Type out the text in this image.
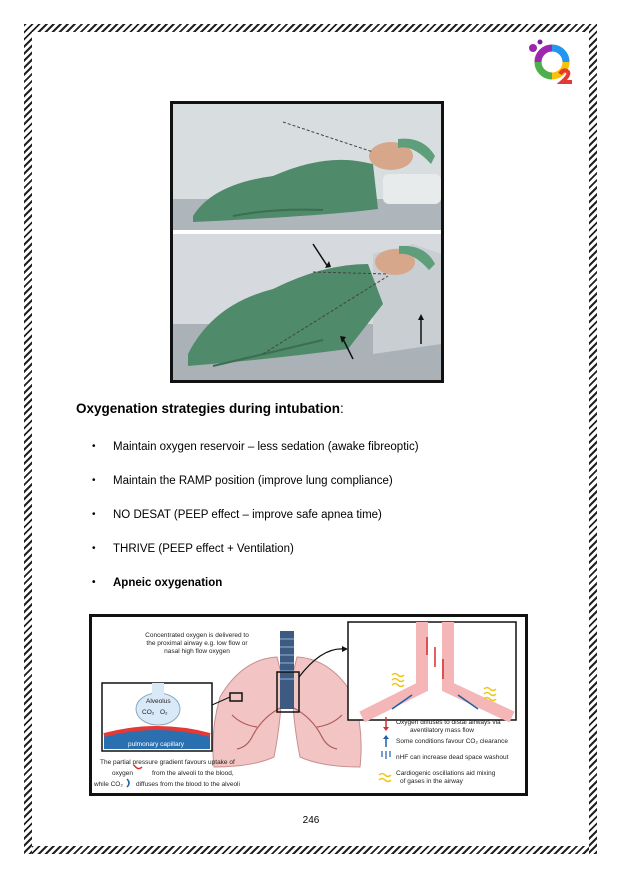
Oxygenation strategies during intubation:
• Maintain oxygen reservoir – less sedation (awake fibreoptic)
• Maintain the RAMP position (improve lung compliance)
• NO DESAT (PEEP effect – improve safe apnea time)
• THRIVE (PEEP effect + Ventilation)
• Apneic oxygenation
Concentrated oxygen is delivered to
the proximal airway e.g. low flow or
nasal high flow oxygen
Alveolus
CO₂ O₂
pulmonary capillary
The partial pressure gradient favours uptake of
oxygen	from the alveoli to the blood,
while CO₂ diffuses from the blood to the alveoli
Oxygen diffuses to distal airways via
aventilatory mass flow
Some conditions favour CO₂ clearance
nHF can increase dead space washout
Cardiogenic oscillations aid mixing
of gases in the airway
246
